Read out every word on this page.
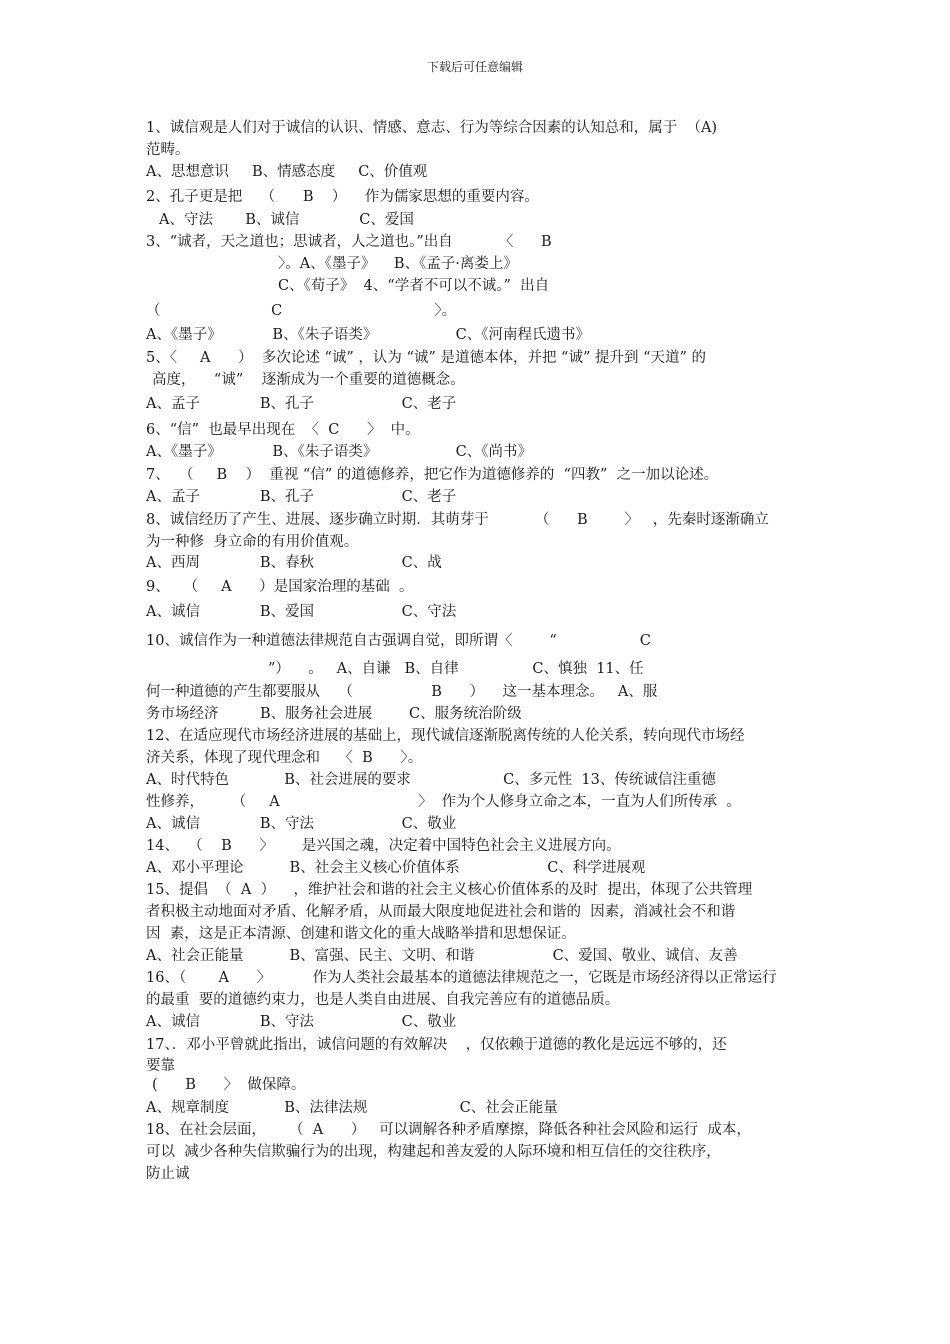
下载后可任意编辑
1、诚信观是人们对于诚信的认识、情感、意志、行为等综合因素的认知总和，属于  （A)
范畴。
A、思想意识     B、情感态度     C、价值观
2、孔子更是把    （      B    ）    作为儒家思想的重要内容。
A、守法       B、诚信             C、爱国
3、“诚者，天之道也；思诚者，人之道也。”出自          〈      B
〉。A、《墨子》    B、《孟子·离娄上》
C、《荀子》  4、“学者不可以不诚。”  出自
（                        C                                 〉。
A、《墨子》           B、《朱子语类》                 C、《河南程氏遗书》
5、〈     A      ）  多次论述 “诚” ，认为 “诚” 是道德本体，并把 “诚” 提升到 “天道” 的
高度，    “诚”    逐渐成为一个重要的道德概念。
A、孟子             B、孔子                   C、老子
6、“信”  也最早出现在  〈  C      〉  中。
A、《墨子》           B、《朱子语类》                 C、《尚书》
7、  （     B    ）  重视 “信” 的道德修养，把它作为道德修养的  “四教”  之一加以论述。
A、孟子             B、孔子                   C、老子
8、诚信经历了产生、进展、逐步确立时期．其萌芽于          （      B        〉   ，先秦时逐渐确立
为一种修  身立命的有用价值观。
A、西周             B、春秋                   C、战
9、   （     A      ）是国家治理的基础  。
A、诚信             B、爱国                   C、守法
10、诚信作为一种道德法律规范自古强调自觉，即所谓〈        “                  C
”）    。   A、自谦   B、自律                C、慎独  11、任
何一种道德的产生都要服从    （                 B      ）    这一基本理念。   A、服
务市场经济         B、服务社会进展        C、服务统治阶级
12、在适应现代市场经济进展的基础上，现代诚信逐渐脱离传统的人伦关系，转向现代市场经
济关系，体现了现代理念和    〈  B      〉。
A、时代特色            B、社会进展的要求                    C、多元性  13、传统诚信注重德
性修养，      （     A                              〉  作为个人修身立命之本，一直为人们所传承  。
A、诚信             B、守法                   C、敬业
14、  （    B      〉      是兴国之魂，决定着中国特色社会主义进展方向。
A、邓小平理论          B、社会主义核心价值体系                   C、科学进展观
15、提倡  （  A  ）    ，维护社会和谐的社会主义核心价值体系的及时  提出，体现了公共管理
者积极主动地面对矛盾、化解矛盾，从而最大限度地促进社会和谐的  因素，消减社会不和谐
因  素，这是正本清源、创建和谐文化的重大战略举措和思想保证。
A、社会正能量          B、富强、民主、文明、和谐                 C、爱国、敬业、诚信、友善
16、（       A      〉         作为人类社会最基本的道德法律规范之一，它既是市场经济得以正常运行
的最重  要的道德约束力，也是人类自由进展、自我完善应有的道德品质。
A、诚信             B、守法                   C、敬业
17、．邓小平曾就此指出，诚信问题的有效解决    ，仅依赖于道德的教化是远远不够的，还
要靠
(      B      〉  做保障。
A、规章制度            B、法律法规                    C、社会正能量
18、在社会层面，     （  A      ）   可以调解各种矛盾摩擦，降低各种社会风险和运行  成本，
可以  减少各种失信欺骗行为的出现，构建起和善友爱的人际环境和相互信任的交往秩序，
防止诚
